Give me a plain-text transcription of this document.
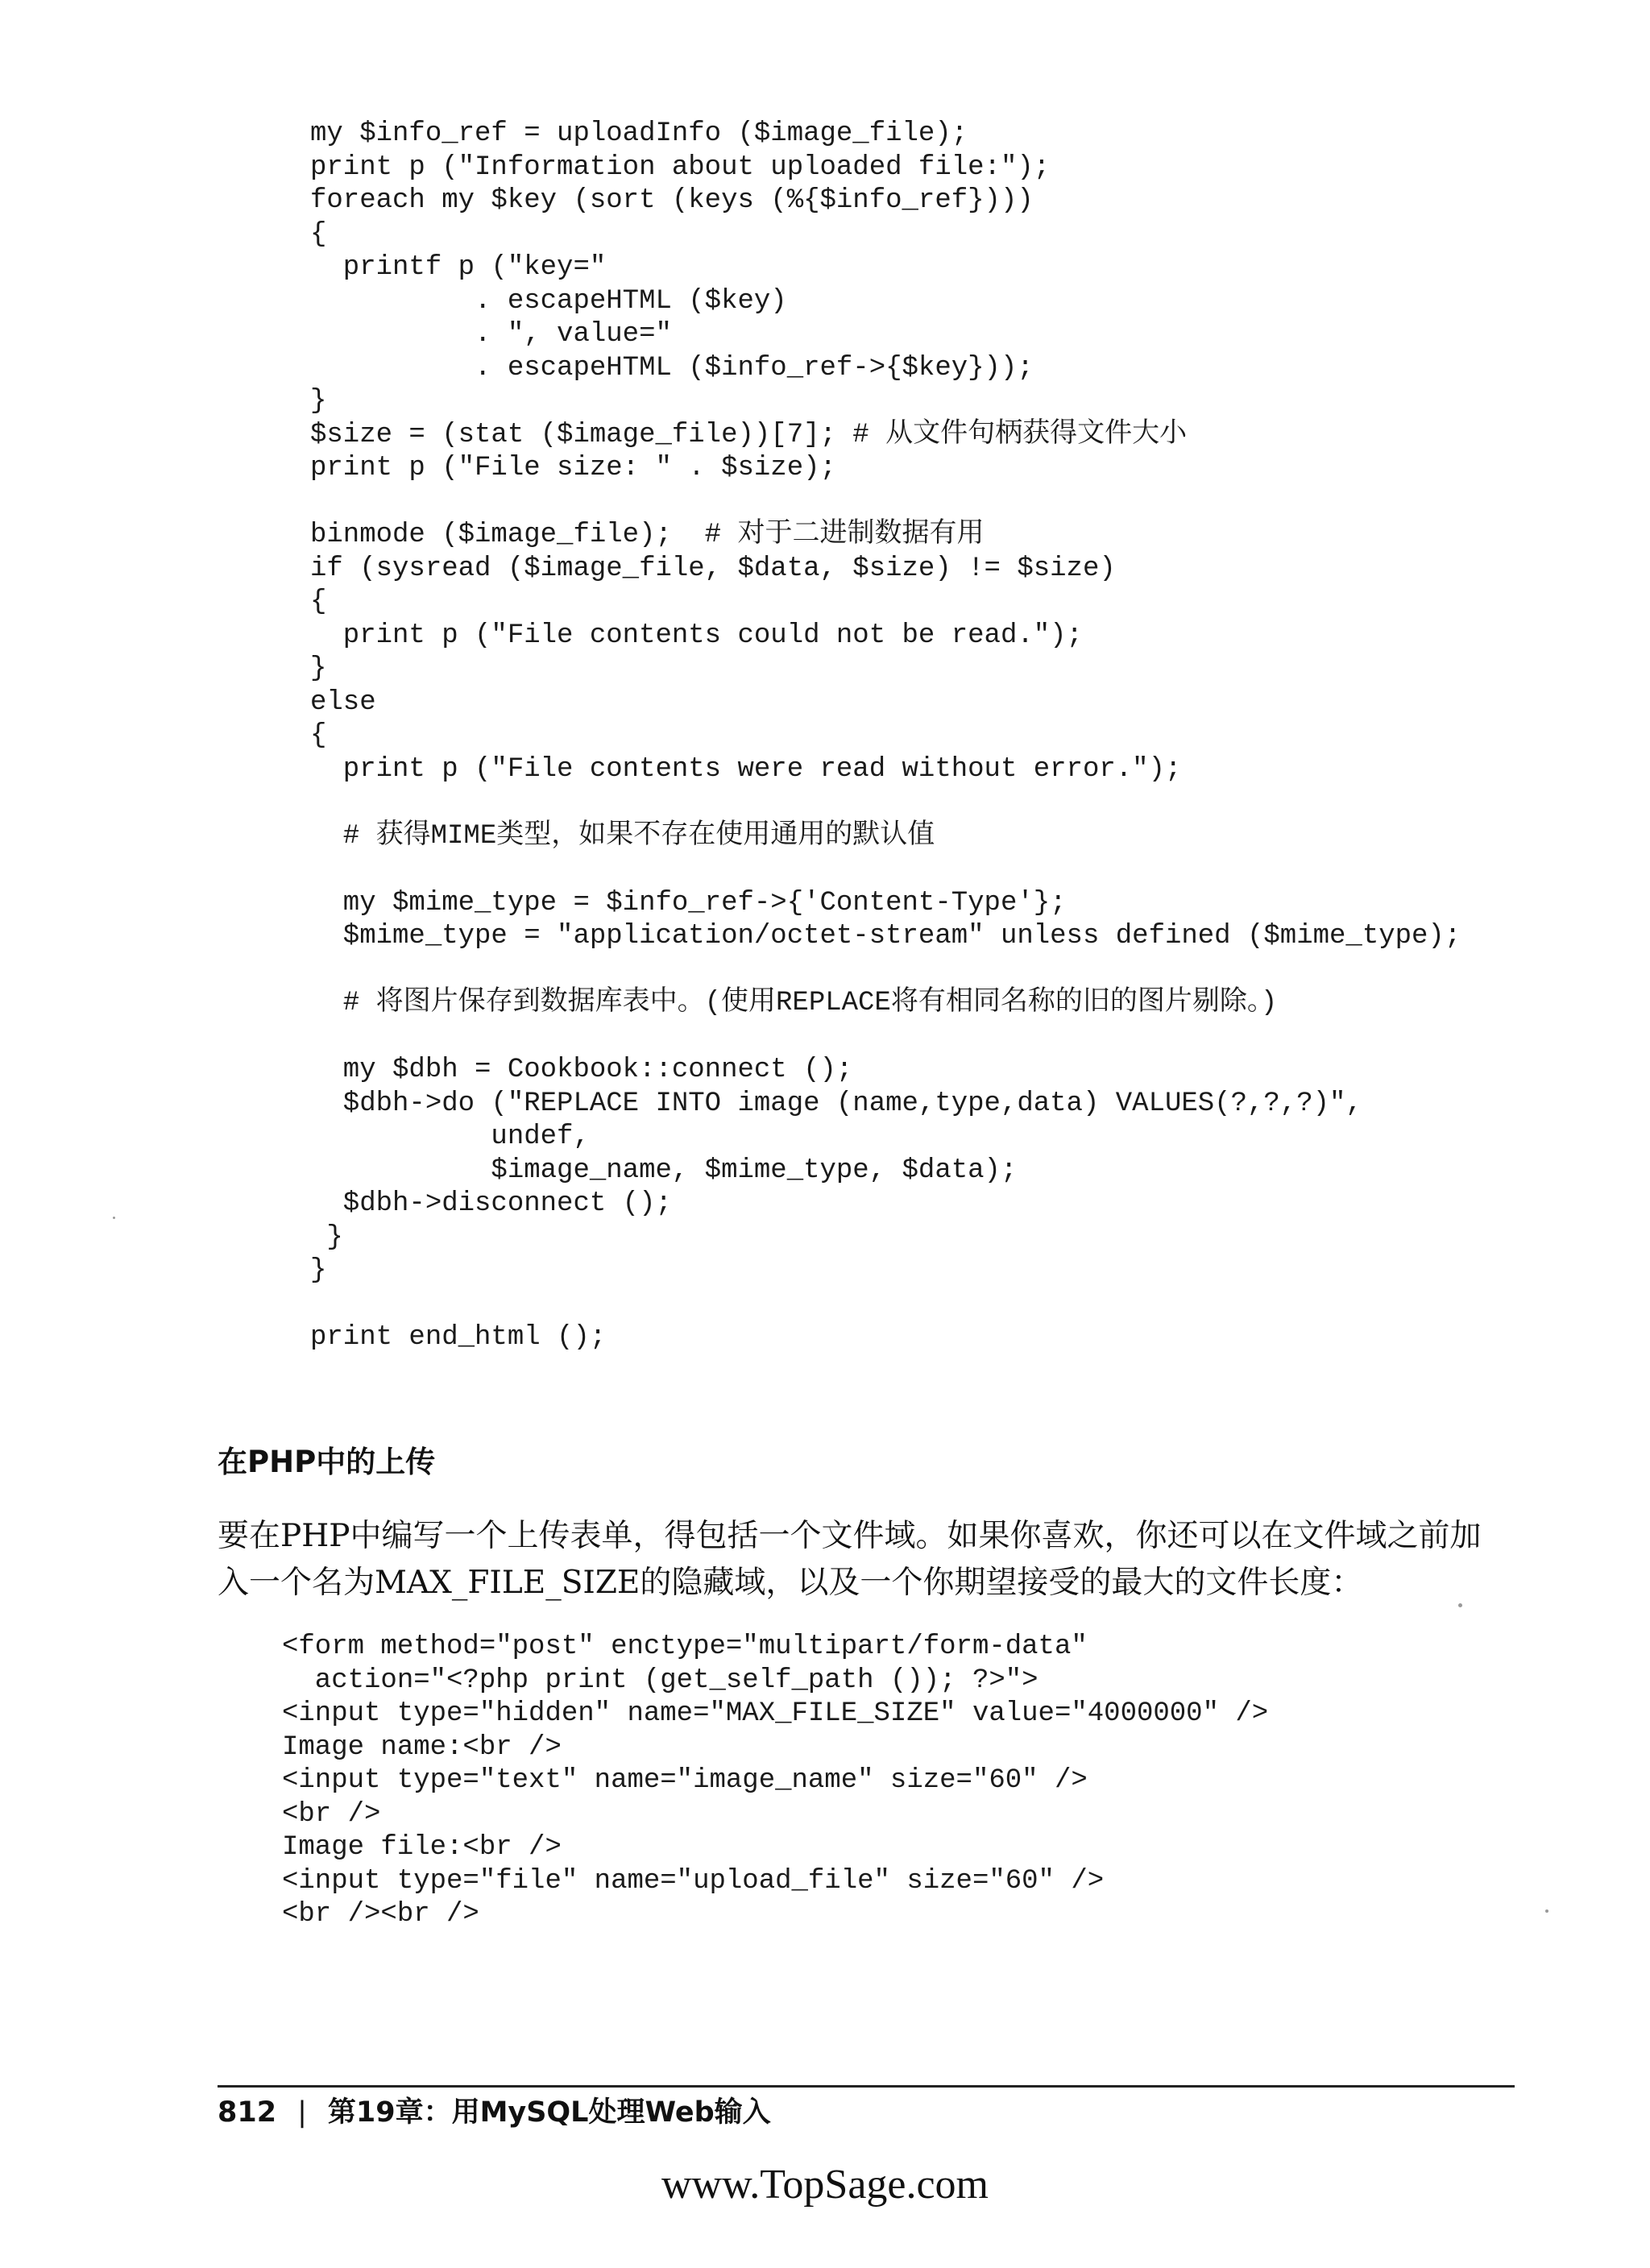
my $info_ref = uploadInfo ($image_file);
print p ("Information about uploaded file:");
foreach my $key (sort (keys (%{$info_ref})))
{
printf p ("key="
. escapeHTML ($key)
. ", value="
. escapeHTML ($info_ref->{$key}));
}
$size = (stat ($image_file))[7]; # 从文件句柄获得文件大小
print p ("File size: " . $size);
binmode ($image_file);  # 对于二进制数据有用
if (sysread ($image_file, $data, $size) != $size)
{
print p ("File contents could not be read.");
}
else
{
print p ("File contents were read without error.");
# 获得MIME类型，如果不存在使用通用的默认值
my $mime_type = $info_ref->{'Content-Type'};
$mime_type = "application/octet-stream" unless defined ($mime_type);
# 将图片保存到数据库表中。(使用REPLACE将有相同名称的旧的图片剔除。)
my $dbh = Cookbook::connect ();
$dbh->do ("REPLACE INTO image (name,type,data) VALUES(?,?,?)",
undef,
$image_name, $mime_type, $data);
$dbh->disconnect ();
}
}
print end_html ();
在PHP中的上传
要在PHP中编写一个上传表单，得包括一个文件域。如果你喜欢，你还可以在文件域之前加
入一个名为MAX_FILE_SIZE的隐藏域，以及一个你期望接受的最大的文件长度：
<form method="post" enctype="multipart/form-data"
action="<?php print (get_self_path ()); ?>">
<input type="hidden" name="MAX_FILE_SIZE" value="4000000" />
Image name:<br />
<input type="text" name="image_name" size="60" />
<br />
Image file:<br />
<input type="file" name="upload_file" size="60" />
<br /><br />
812 | 第19章：用MySQL处理Web输入
www.TopSage.com
